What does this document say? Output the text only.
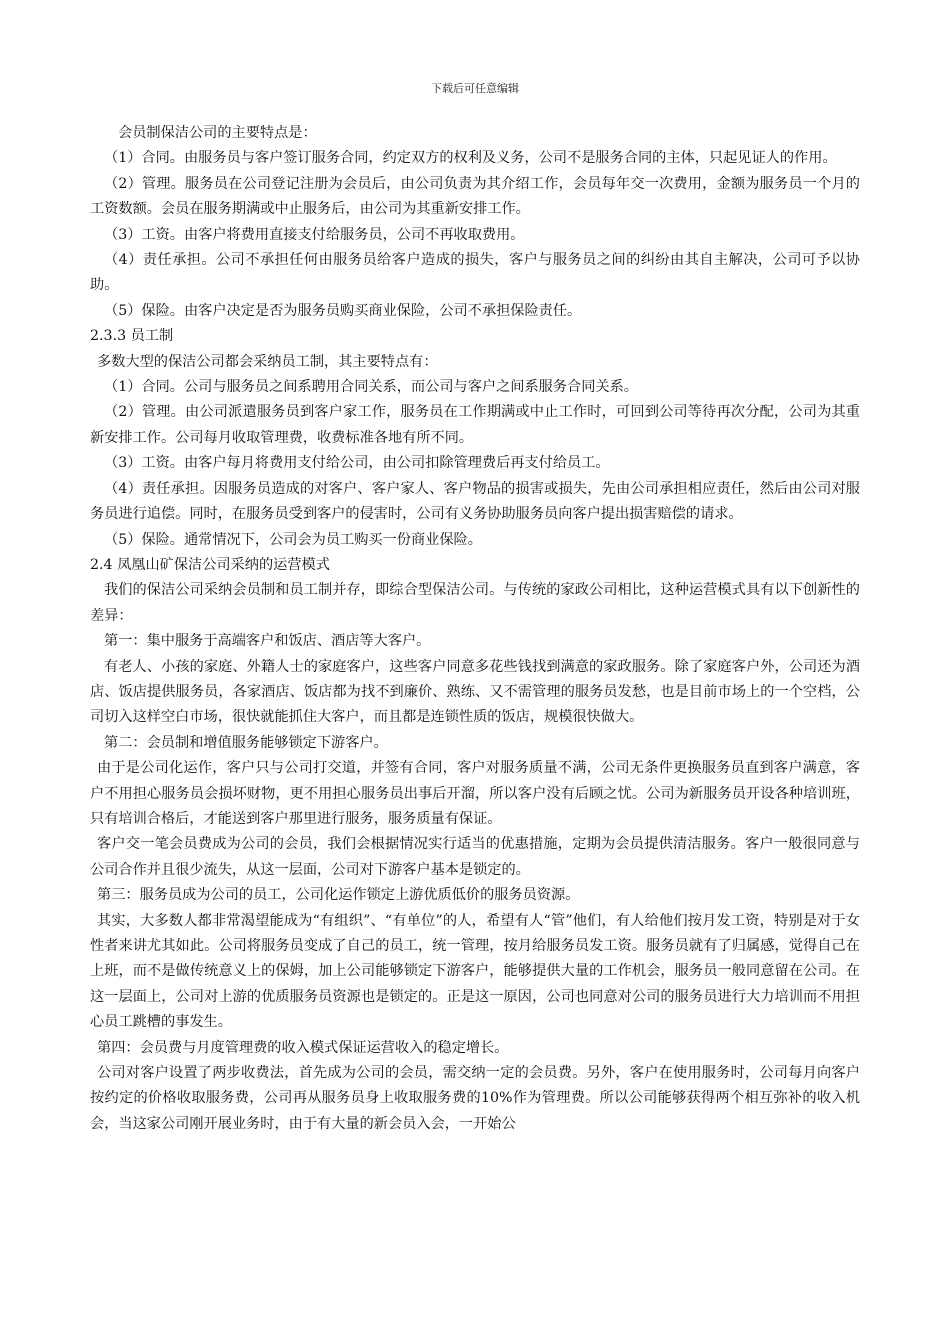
下载后可任意编辑

会员制保洁公司的主要特点是：

（1）合同。由服务员与客户签订服务合同，约定双方的权利及义务，公司不是服务合同的主体，只起见证人的作用。

（2）管理。服务员在公司登记注册为会员后，由公司负责为其介绍工作，会员每年交一次费用，金额为服务员一个月的工资数额。会员在服务期满或中止服务后，由公司为其重新安排工作。

（3）工资。由客户将费用直接支付给服务员，公司不再收取费用。

（4）责任承担。公司不承担任何由服务员给客户造成的损失，客户与服务员之间的纠纷由其自主解决，公司可予以协助。

（5）保险。由客户决定是否为服务员购买商业保险，公司不承担保险责任。

2.3.3 员工制

多数大型的保洁公司都会采纳员工制，其主要特点有：

（1）合同。公司与服务员之间系聘用合同关系，而公司与客户之间系服务合同关系。

（2）管理。由公司派遣服务员到客户家工作，服务员在工作期满或中止工作时，可回到公司等待再次分配，公司为其重新安排工作。公司每月收取管理费，收费标准各地有所不同。

（3）工资。由客户每月将费用支付给公司，由公司扣除管理费后再支付给员工。

（4）责任承担。因服务员造成的对客户、客户家人、客户物品的损害或损失，先由公司承担相应责任，然后由公司对服务员进行追偿。同时，在服务员受到客户的侵害时，公司有义务协助服务员向客户提出损害赔偿的请求。

（5）保险。通常情况下，公司会为员工购买一份商业保险。

2.4 凤凰山矿保洁公司采纳的运营模式

我们的保洁公司采纳会员制和员工制并存，即综合型保洁公司。与传统的家政公司相比，这种运营模式具有以下创新性的差异：

第一：集中服务于高端客户和饭店、酒店等大客户。

有老人、小孩的家庭、外籍人士的家庭客户，这些客户同意多花些钱找到满意的家政服务。除了家庭客户外，公司还为酒店、饭店提供服务员，各家酒店、饭店都为找不到廉价、熟练、又不需管理的服务员发愁，也是目前市场上的一个空档，公司切入这样空白市场，很快就能抓住大客户，而且都是连锁性质的饭店，规模很快做大。

第二：会员制和增值服务能够锁定下游客户。

由于是公司化运作，客户只与公司打交道，并签有合同，客户对服务质量不满，公司无条件更换服务员直到客户满意，客户不用担心服务员会损坏财物，更不用担心服务员出事后开溜，所以客户没有后顾之忧。公司为新服务员开设各种培训班，只有培训合格后，才能送到客户那里进行服务，服务质量有保证。

客户交一笔会员费成为公司的会员，我们会根据情况实行适当的优惠措施，定期为会员提供清洁服务。客户一般很同意与公司合作并且很少流失，从这一层面，公司对下游客户基本是锁定的。

第三：服务员成为公司的员工，公司化运作锁定上游优质低价的服务员资源。

其实，大多数人都非常渴望能成为“有组织”、“有单位”的人，希望有人“管”他们，有人给他们按月发工资，特别是对于女性者来讲尤其如此。公司将服务员变成了自己的员工，统一管理，按月给服务员发工资。服务员就有了归属感，觉得自己在上班，而不是做传统意义上的保姆，加上公司能够锁定下游客户，能够提供大量的工作机会，服务员一般同意留在公司。在这一层面上，公司对上游的优质服务员资源也是锁定的。正是这一原因，公司也同意对公司的服务员进行大力培训而不用担心员工跳槽的事发生。

第四：会员费与月度管理费的收入模式保证运营收入的稳定增长。

公司对客户设置了两步收费法，首先成为公司的会员，需交纳一定的会员费。另外，客户在使用服务时，公司每月向客户按约定的价格收取服务费，公司再从服务员身上收取服务费的10%作为管理费。所以公司能够获得两个相互弥补的收入机会，当这家公司刚开展业务时，由于有大量的新会员入会，一开始公
